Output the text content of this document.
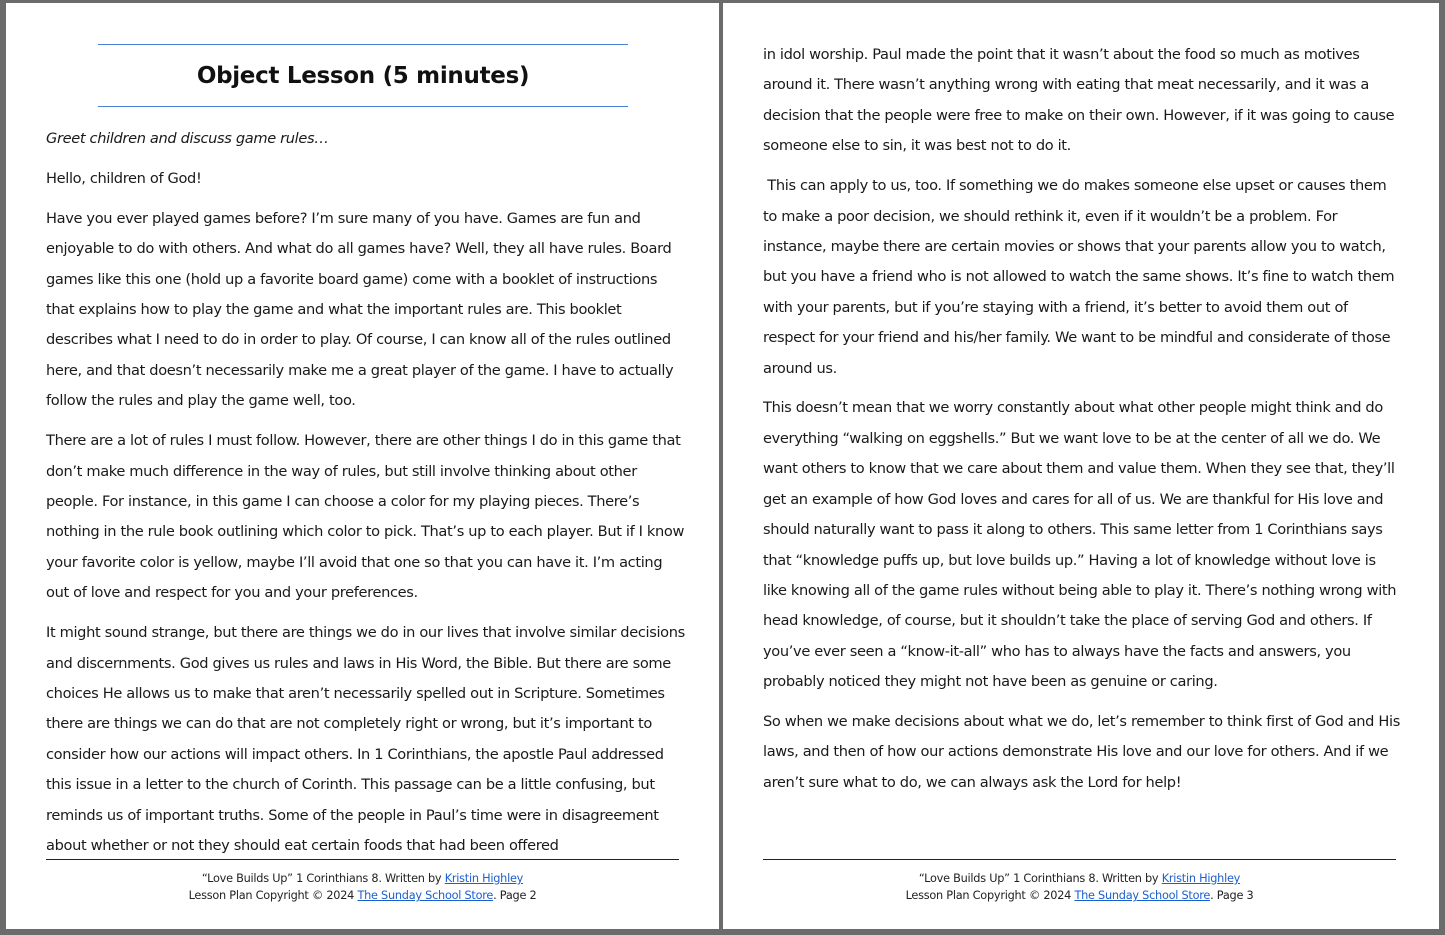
Object Lesson (5 minutes)

Greet children and discuss game rules…

Hello, children of God!

Have you ever played games before? I’m sure many of you have. Games are fun and enjoyable to do with others. And what do all games have? Well, they all have rules. Board games like this one (hold up a favorite board game) come with a booklet of instructions that explains how to play the game and what the important rules are. This booklet describes what I need to do in order to play. Of course, I can know all of the rules outlined here, and that doesn’t necessarily make me a great player of the game. I have to actually follow the rules and play the game well, too.

There are a lot of rules I must follow. However, there are other things I do in this game that don’t make much difference in the way of rules, but still involve thinking about other people. For instance, in this game I can choose a color for my playing pieces. There’s nothing in the rule book outlining which color to pick. That’s up to each player. But if I know your favorite color is yellow, maybe I’ll avoid that one so that you can have it. I’m acting out of love and respect for you and your preferences.

It might sound strange, but there are things we do in our lives that involve similar decisions and discernments. God gives us rules and laws in His Word, the Bible. But there are some choices He allows us to make that aren’t necessarily spelled out in Scripture. Sometimes there are things we can do that are not completely right or wrong, but it’s important to consider how our actions will impact others. In 1 Corinthians, the apostle Paul addressed this issue in a letter to the church of Corinth. This passage can be a little confusing, but reminds us of important truths. Some of the people in Paul’s time were in disagreement about whether or not they should eat certain foods that had been offered

“Love Builds Up” 1 Corinthians 8. Written by Kristin Highley
Lesson Plan Copyright © 2024 The Sunday School Store. Page 2

in idol worship. Paul made the point that it wasn’t about the food so much as motives around it. There wasn’t anything wrong with eating that meat necessarily, and it was a decision that the people were free to make on their own. However, if it was going to cause someone else to sin, it was best not to do it.

This can apply to us, too. If something we do makes someone else upset or causes them to make a poor decision, we should rethink it, even if it wouldn’t be a problem. For instance, maybe there are certain movies or shows that your parents allow you to watch, but you have a friend who is not allowed to watch the same shows. It’s fine to watch them with your parents, but if you’re staying with a friend, it’s better to avoid them out of respect for your friend and his/her family. We want to be mindful and considerate of those around us.

This doesn’t mean that we worry constantly about what other people might think and do everything “walking on eggshells.” But we want love to be at the center of all we do. We want others to know that we care about them and value them. When they see that, they’ll get an example of how God loves and cares for all of us. We are thankful for His love and should naturally want to pass it along to others. This same letter from 1 Corinthians says that “knowledge puffs up, but love builds up.” Having a lot of knowledge without love is like knowing all of the game rules without being able to play it. There’s nothing wrong with head knowledge, of course, but it shouldn’t take the place of serving God and others. If you’ve ever seen a “know-it-all” who has to always have the facts and answers, you probably noticed they might not have been as genuine or caring.

So when we make decisions about what we do, let’s remember to think first of God and His laws, and then of how our actions demonstrate His love and our love for others. And if we aren’t sure what to do, we can always ask the Lord for help!

“Love Builds Up” 1 Corinthians 8. Written by Kristin Highley
Lesson Plan Copyright © 2024 The Sunday School Store. Page 3
